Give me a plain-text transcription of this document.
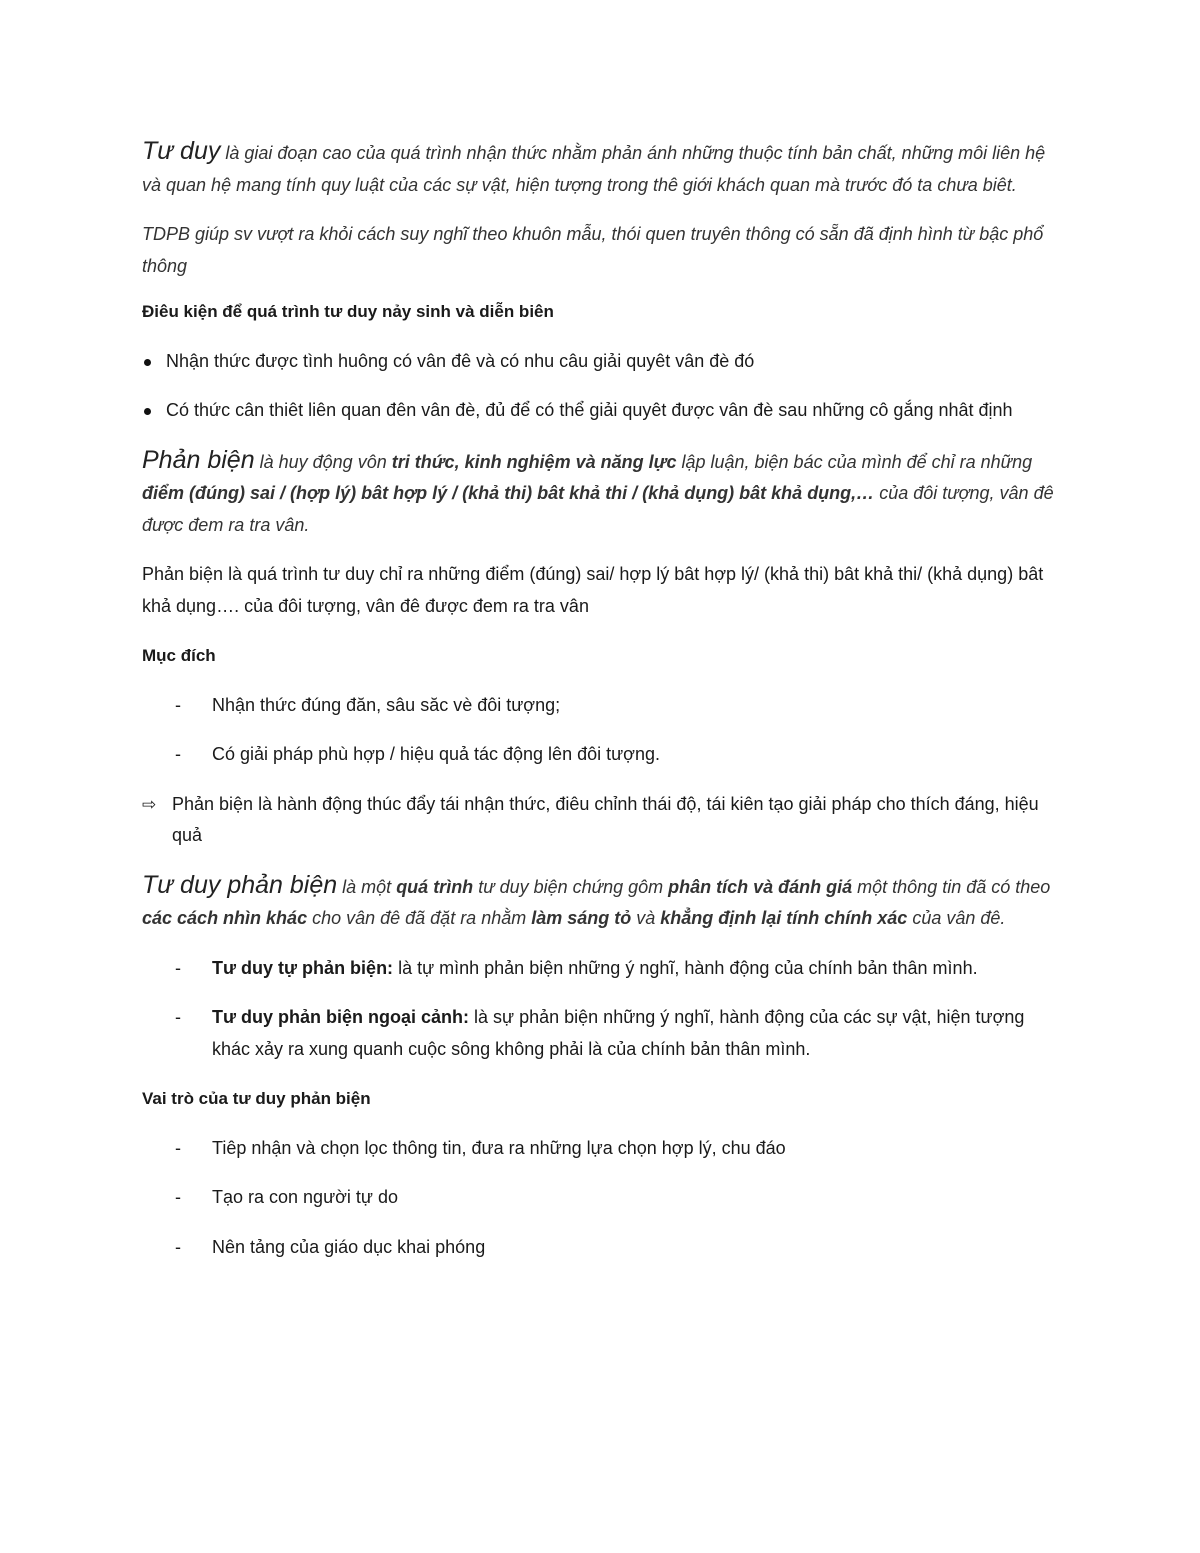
Tư duy là giai đoạn cao của quá trình nhận thức nhằm phản ánh những thuộc tính bản chất, những môi liên hệ và quan hệ mang tính quy luật của các sự vật, hiện tượng trong thê giới khách quan mà trước đó ta chưa biêt.

TDPB giúp sv vượt ra khỏi cách suy nghĩ theo khuôn mẫu, thói quen truyên thông có sẵn đã định hình từ bậc phổ thông

Điêu kiện để quá trình tư duy nảy sinh và diễn biên

Nhận thức được tình huông có vân đê và có nhu câu giải quyêt vân đè đó
Có thức cân thiêt liên quan đên vân đè, đủ để có thể giải quyêt được vân đè sau những cô gắng nhât định

Phản biện là huy động vôn tri thức, kinh nghiệm và năng lực lập luận, biện bác của mình để chỉ ra những điểm (đúng) sai / (hợp lý) bât hợp lý / (khả thi) bât khả thi / (khả dụng) bât khả dụng,… của đôi tượng, vân đê được đem ra tra vân.

Phản biện là quá trình tư duy chỉ ra những điểm (đúng) sai/ hợp lý bât hợp lý/ (khả thi) bât khả thi/ (khả dụng) bât khả dụng…. của đôi tượng, vân đê được đem ra tra vân

Mục đích

- Nhận thức đúng đăn, sâu săc vè đôi tượng;
- Có giải pháp phù hợp / hiệu quả tác động lên đôi tượng.
⇨ Phản biện là hành động thúc đẩy tái nhận thức, điêu chỉnh thái độ, tái kiên tạo giải pháp cho thích đáng, hiệu quả

Tư duy phản biện là một quá trình tư duy biện chứng gôm phân tích và đánh giá một thông tin đã có theo các cách nhìn khác cho vân đê đã đặt ra nhằm làm sáng tỏ và khẳng định lại tính chính xác của vân đê.

- Tư duy tự phản biện: là tự mình phản biện những ý nghĩ, hành động của chính bản thân mình.
- Tư duy phản biện ngoại cảnh: là sự phản biện những ý nghĩ, hành động của các sự vật, hiện tượng khác xảy ra xung quanh cuộc sông không phải là của chính bản thân mình.

Vai trò của tư duy phản biện

- Tiêp nhận và chọn lọc thông tin, đưa ra những lựa chọn hợp lý, chu đáo
- Tạo ra con người tự do
- Nên tảng của giáo dục khai phóng
